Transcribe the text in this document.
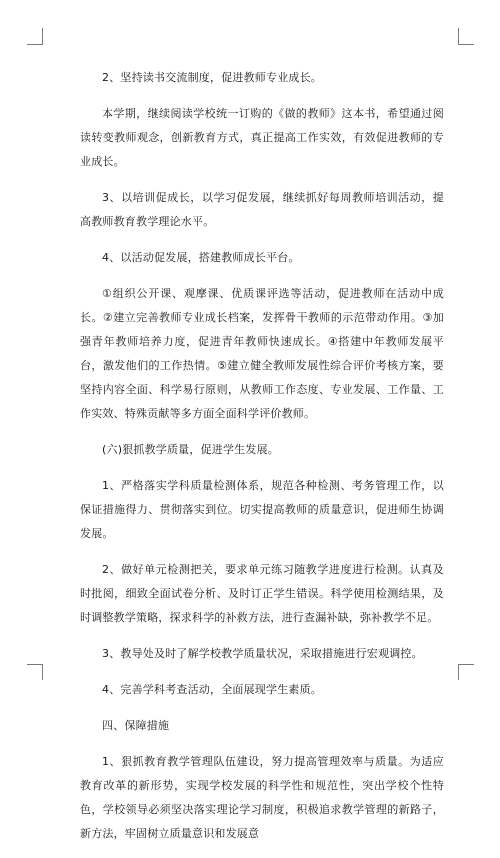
2、坚持读书交流制度，促进教师专业成长。

本学期，继续阅读学校统一订购的《做的教师》这本书，希望通过阅读转变教师观念，创新教育方式，真正提高工作实效，有效促进教师的专业成长。

3、以培训促成长，以学习促发展，继续抓好每周教师培训活动，提高教师教育教学理论水平。

4、以活动促发展，搭建教师成长平台。

①组织公开课、观摩课、优质课评选等活动，促进教师在活动中成长。②建立完善教师专业成长档案，发挥骨干教师的示范带动作用。③加强青年教师培养力度，促进青年教师快速成长。④搭建中年教师发展平台，激发他们的工作热情。⑤建立健全教师发展性综合评价考核方案，要坚持内容全面、科学易行原则，从教师工作态度、专业发展、工作量、工作实效、特殊贡献等多方面全面科学评价教师。

(六)狠抓教学质量，促进学生发展。

1、严格落实学科质量检测体系，规范各种检测、考务管理工作，以保证措施得力、贯彻落实到位。切实提高教师的质量意识，促进师生协调发展。

2、做好单元检测把关，要求单元练习随教学进度进行检测。认真及时批阅，细致全面试卷分析、及时订正学生错误。科学使用检测结果，及时调整教学策略，探求科学的补救方法，进行查漏补缺，弥补教学不足。

3、教导处及时了解学校教学质量状况，采取措施进行宏观调控。

4、完善学科考查活动，全面展现学生素质。

四、保障措施

1、狠抓教育教学管理队伍建设，努力提高管理效率与质量。为适应教育改革的新形势，实现学校发展的科学性和规范性，突出学校个性特色，学校领导必须坚决落实理论学习制度，积极追求教学管理的新路子，新方法，牢固树立质量意识和发展意
